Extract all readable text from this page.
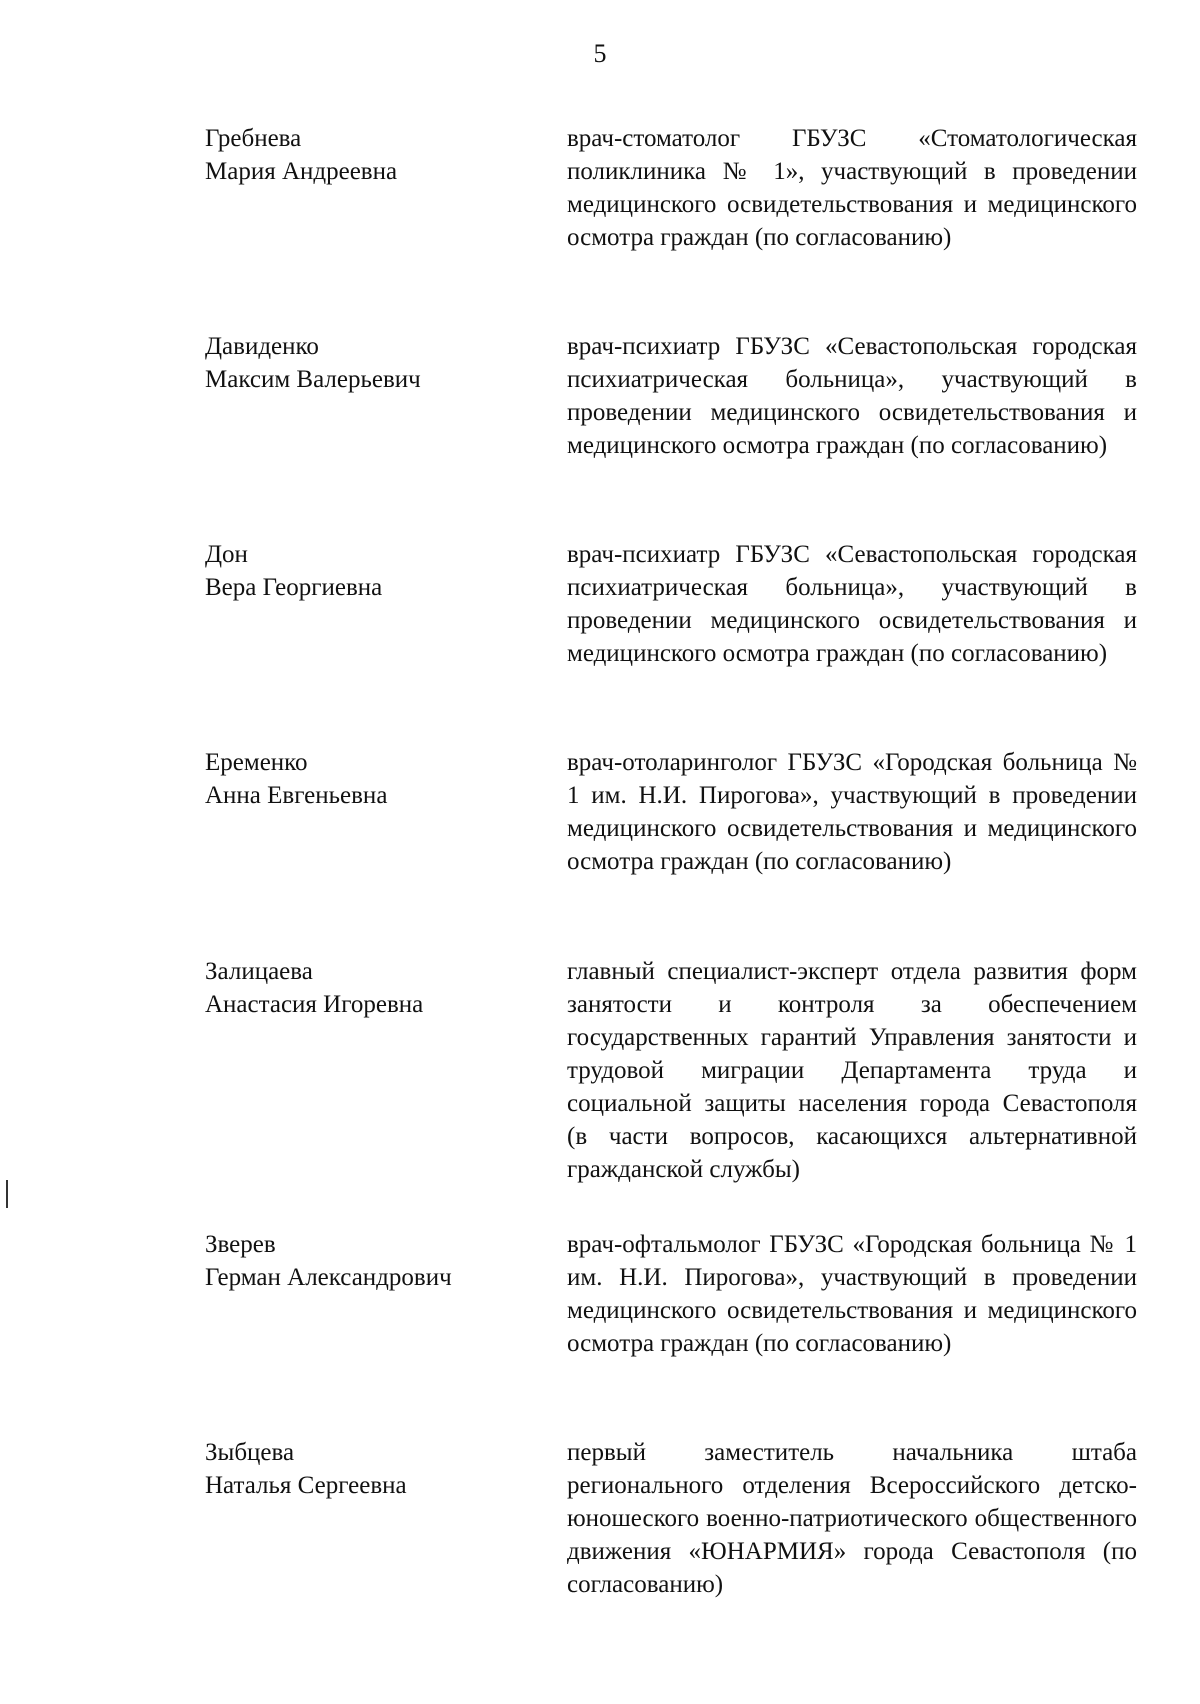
5
Гребнева
Мария Андреевна
врач-стоматолог ГБУЗС «Стоматологическая поликлиника № 1», участвующий в проведении медицинского освидетельствования и медицинского осмотра граждан (по согласованию)
Давиденко
Максим Валерьевич
врач-психиатр ГБУЗС «Севастопольская городская психиатрическая больница», участвующий в проведении медицинского освидетельствования и медицинского осмотра граждан (по согласованию)
Дон
Вера Георгиевна
врач-психиатр ГБУЗС «Севастопольская городская психиатрическая больница», участвующий в проведении медицинского освидетельствования и медицинского осмотра граждан (по согласованию)
Еременко
Анна Евгеньевна
врач-отоларинголог ГБУЗС «Городская больница № 1 им. Н.И. Пирогова», участвующий в проведении медицинского освидетельствования и медицинского осмотра граждан (по согласованию)
Залицаева
Анастасия Игоревна
главный специалист-эксперт отдела развития форм занятости и контроля за обеспечением государственных гарантий Управления занятости и трудовой миграции Департамента труда и социальной защиты населения города Севастополя (в части вопросов, касающихся альтернативной гражданской службы)
Зверев
Герман Александрович
врач-офтальмолог ГБУЗС «Городская больница № 1 им. Н.И. Пирогова», участвующий в проведении медицинского освидетельствования и медицинского осмотра граждан (по согласованию)
Зыбцева
Наталья Сергеевна
первый заместитель начальника штаба регионального отделения Всероссийского детско-юношеского военно-патриотического общественного движения «ЮНАРМИЯ» города Севастополя (по согласованию)
